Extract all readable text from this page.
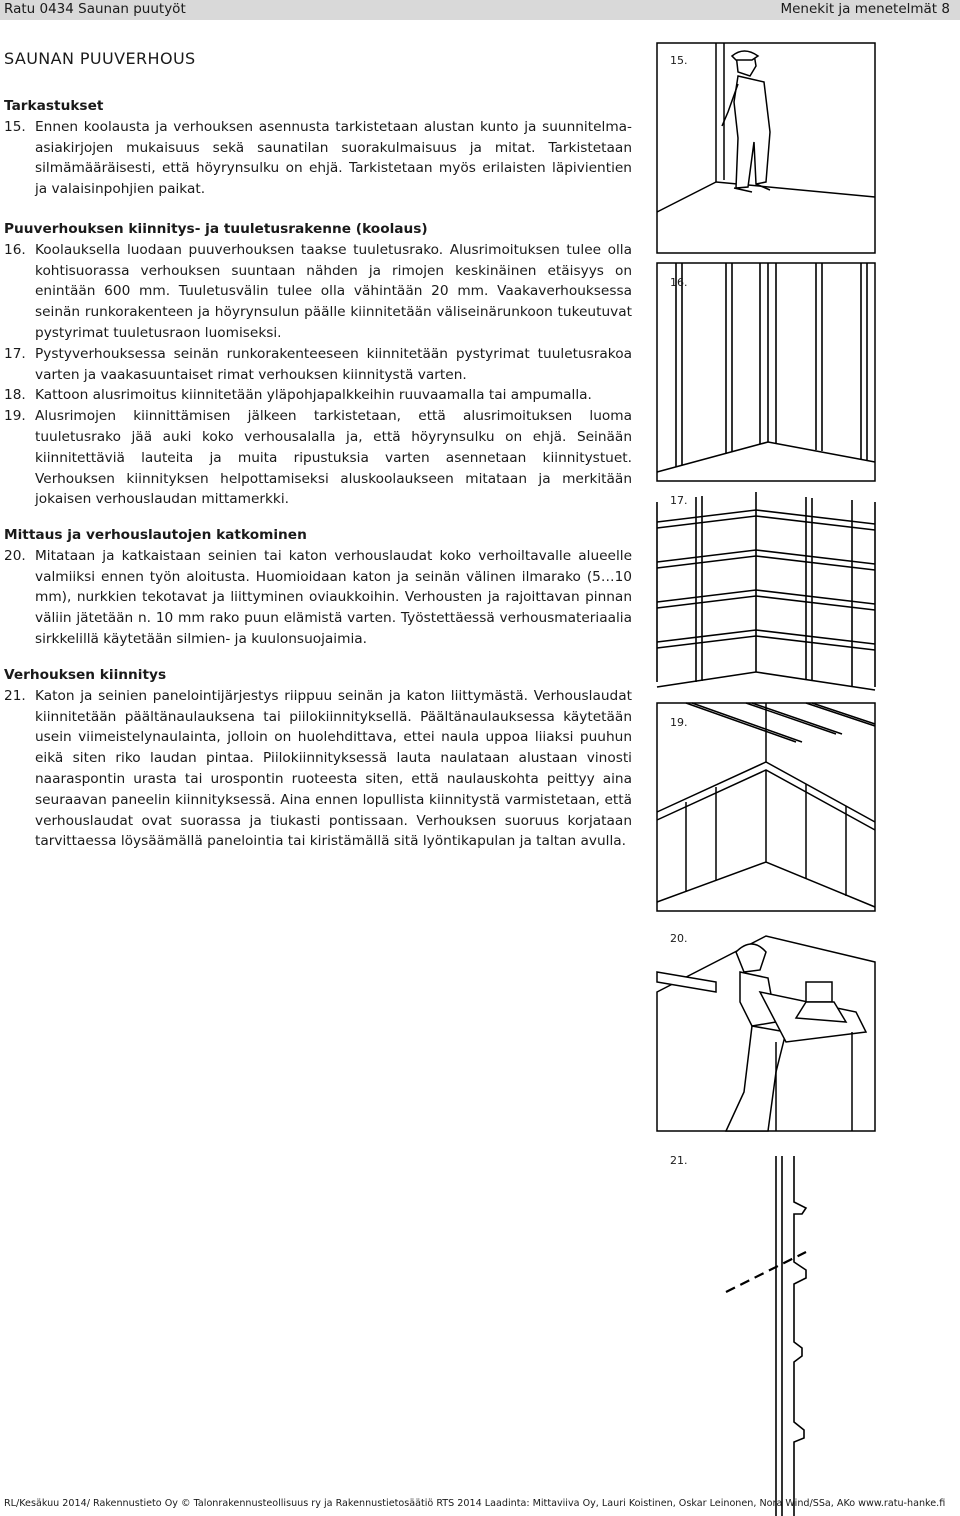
Ratu 0434 Saunan puutyöt	Menekit ja menetelmät 8
SAUNAN PUUVERHOUS
Tarkastukset
15. Ennen koolausta ja verhouksen asennusta tarkistetaan alustan kunto ja suunnitelma-asiakirjojen mukaisuus sekä saunatilan suorakulmaisuus ja mitat. Tarkistetaan silmämääräisesti, että höyrynsulku on ehjä. Tarkistetaan myös erilaisten läpivientien ja valaisinpohjien paikat.
Puuverhouksen kiinnitys- ja tuuletusrakenne (koolaus)
16. Koolauksella luodaan puuverhouksen taakse tuuletusrako. Alusrimoituksen tulee olla kohtisuorassa verhouksen suuntaan nähden ja rimojen keskinäinen etäisyys on enintään 600 mm. Tuuletusvälin tulee olla vähintään 20 mm. Vaakaverhouksessa seinän runkorakenteen ja höyrynsulun päälle kiinnitetään väliseinärunkoon tukeutuvat pystyrimat tuuletusraon luomiseksi.
17. Pystyverhouksessa seinän runkorakenteeseen kiinnitetään pystyrimat tuuletusrakoa varten ja vaakasuuntaiset rimat verhouksen kiinnitystä varten.
18. Kattoon alusrimoitus kiinnitetään yläpohjapalkkeihin ruuvaamalla tai ampumalla.
19. Alusrimojen kiinnittämisen jälkeen tarkistetaan, että alusrimoituksen luoma tuuletusrako jää auki koko verhousalalla ja, että höyrynsulku on ehjä. Seinään kiinnitettäviä lauteita ja muita ripustuksia varten asennetaan kiinnitystuet. Verhouksen kiinnityksen helpottamiseksi aluskoolaukseen mitataan ja merkitään jokaisen verhouslaudan mittamerkki.
Mittaus ja verhouslautojen katkominen
20. Mitataan ja katkaistaan seinien tai katon verhouslaudat koko verhoiltavalle alueelle valmiiksi ennen työn aloitusta. Huomioidaan katon ja seinän välinen ilmarako (5…10 mm), nurkkien tekotavat ja liittyminen oviaukkoihin. Verhousten ja rajoittavan pinnan väliin jätetään n. 10 mm rako puun elämistä varten. Työstettäessä verhousmateriaalia sirkkelillä käytetään silmien- ja kuulonsuojaimia.
Verhouksen kiinnitys
21. Katon ja seinien panelointijärjestys riippuu seinän ja katon liittymästä. Verhouslaudat kiinnitetään päältänaulauksena tai piilokiinnityksellä. Päältänaulauksessa käytetään usein viimeistelynaulainta, jolloin on huolehdittava, ettei naula uppoa liiaksi puuhun eikä siten riko laudan pintaa. Piilokiinnityksessä lauta naulataan alustaan vinosti naaraspontin urasta tai urospontin ruoteesta siten, että naulauskohta peittyy aina seuraavan paneelin kiinnityksessä. Aina ennen lopullista kiinnitystä varmistetaan, että verhouslaudat ovat suorassa ja tiukasti pontissaan. Verhouksen suoruus korjataan tarvittaessa löysäämällä panelointia tai kiristämällä sitä lyöntikapulan ja taltan avulla.
15.
16.
17.
19.
20.
21.
RL/Kesäkuu 2014/ Rakennustieto Oy © Talonrakennusteollisuus ry ja Rakennustietosäätiö RTS 2014 Laadinta: Mittaviiva Oy, Lauri Koistinen, Oskar Leinonen, Nora Wind/SSa, AKo www.ratu-hanke.fi
